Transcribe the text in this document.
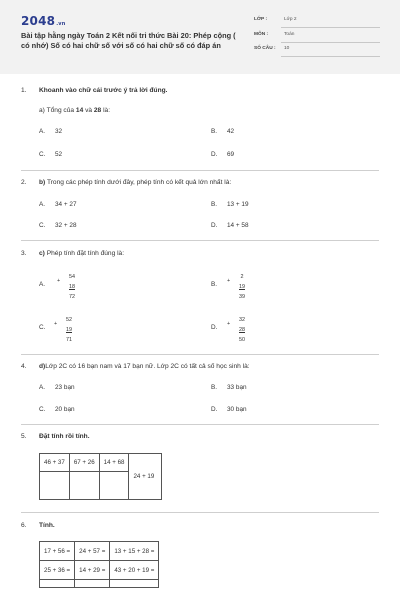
2048.vn
Bài tập hằng ngày Toán 2 Kết nối tri thức Bài 20: Phép cộng ( có nhớ) Số có hai chữ số với số có hai chữ số có đáp án
LỚP :	Lớp 2
MÔN :	Toán
SỐ CÂU : 10
1. Khoanh vào chữ cái trước ý trả lời đúng.
a) Tổng của 14 và 28 là:
A. 32	B. 42
C. 52	D. 69
2. b) Trong các phép tính dưới đây, phép tính có kết quả lớn nhất là:
A. 34 + 27	B. 13 + 19
C. 32 + 28	D. 14 + 58
3. c) Phép tính đặt tính đúng là:
A. +
54
18
72
B. +
2
19
39
C. +
52
19
71
D. +
32
28
50
4. d)Lớp 2C có 16 bạn nam và 17 bạn nữ. Lớp 2C có tất cả số học sinh là:
A. 23 bạn	B. 33 bạn
C. 20 bạn	D. 30 bạn
5. Đặt tính rồi tính.
46 + 37	67 + 26	14 + 68	24 + 19

6. Tính.
17 + 56 =	24 + 57 =	13 + 15 + 28 =
25 + 36 =	14 + 29 =	43 + 20 + 19 =
